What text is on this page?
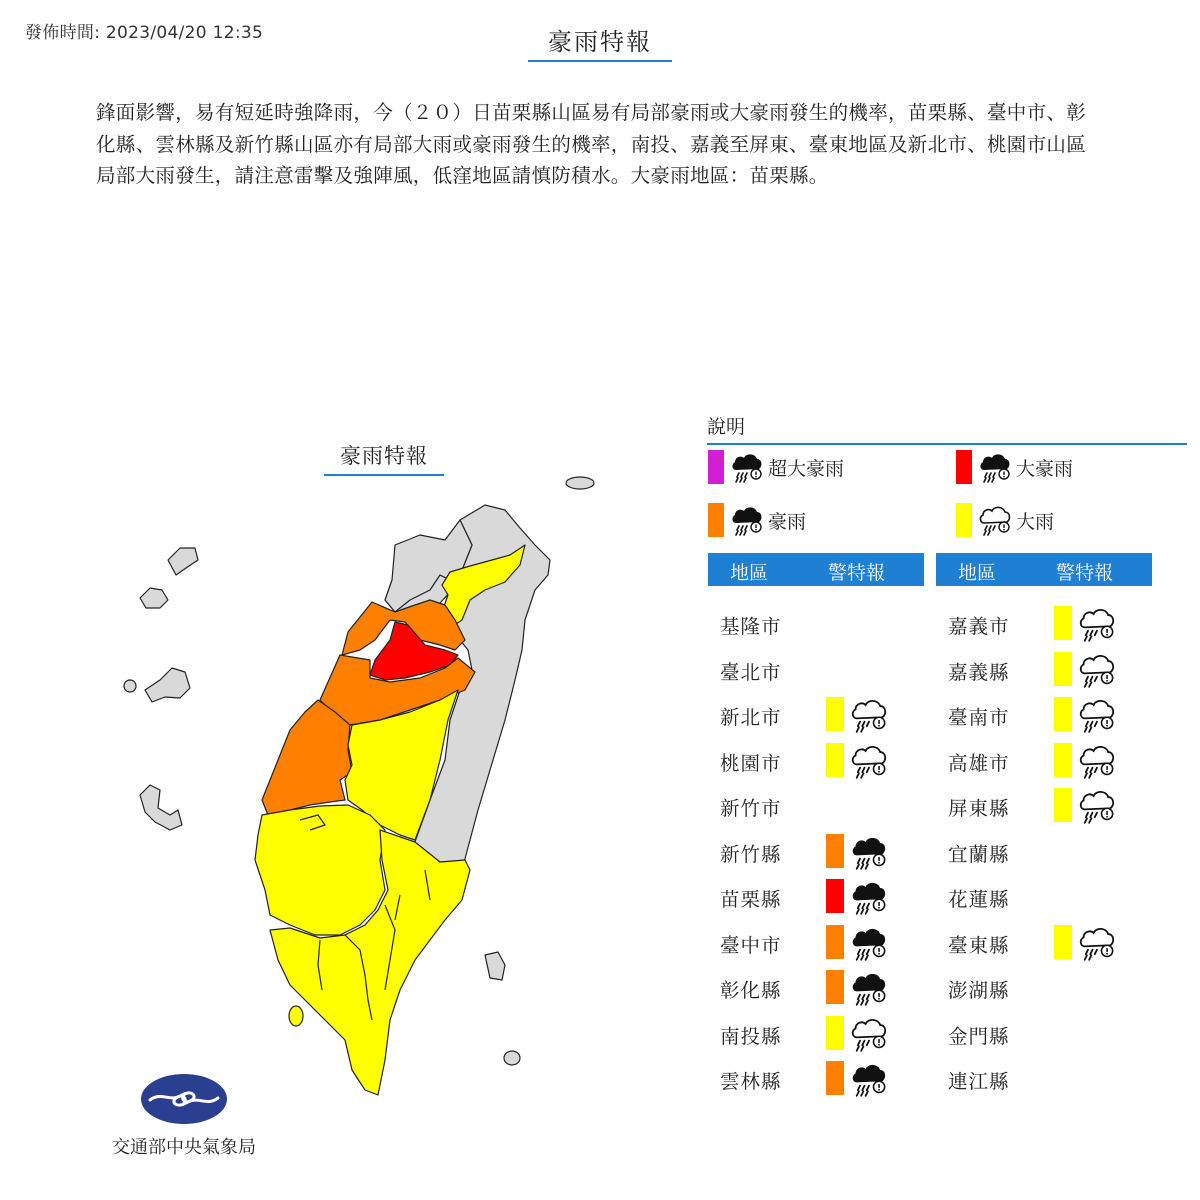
發佈時間: 2023/04/20 12:35	豪雨特報
鋒面影響，易有短延時強降雨，今（２０）日苗栗縣山區易有局部豪雨或大豪雨發生的機率，苗栗縣、臺中市、彰化縣、雲林縣及新竹縣山區亦有局部大雨或豪雨發生的機率，南投、嘉義至屏東、臺東地區及新北市、桃園市山區局部大雨發生，請注意雷擊及強陣風，低窪地區請慎防積水。大豪雨地區：苗栗縣。
豪雨特報
交通部中央氣象局
說明
超大豪雨	大豪雨
豪雨	大雨
地區	警特報	地區	警特報
基隆市
臺北市
新北市
桃園市
新竹市
新竹縣
苗栗縣
臺中市
彰化縣
南投縣
雲林縣
嘉義市
嘉義縣
臺南市
高雄市
屏東縣
宜蘭縣
花蓮縣
臺東縣
澎湖縣
金門縣
連江縣
